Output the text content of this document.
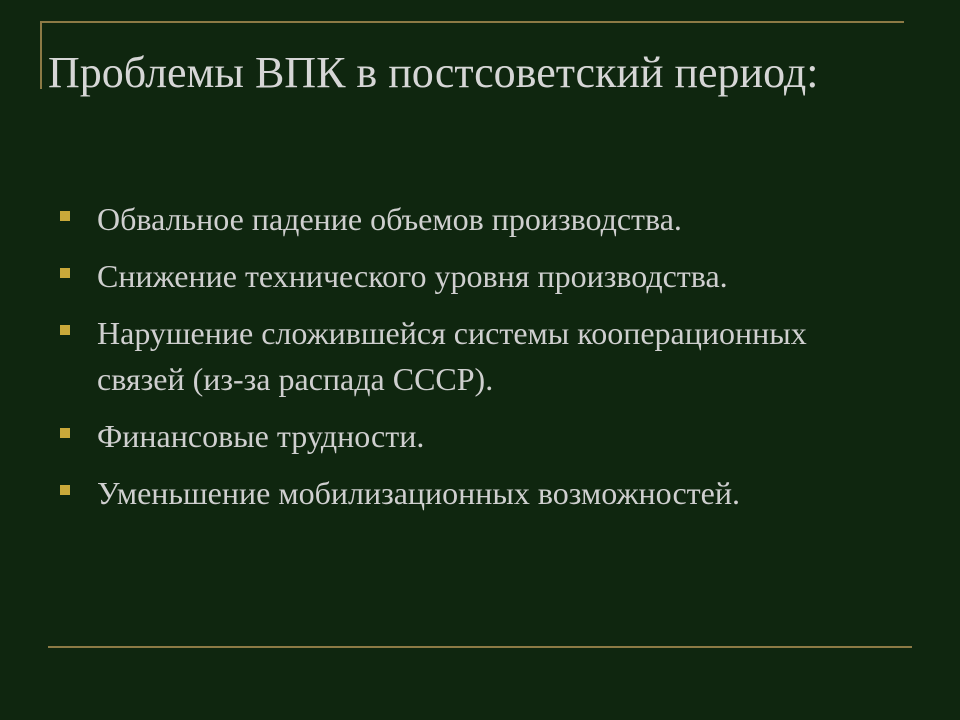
Проблемы ВПК в постсоветский период:
Обвальное падение объемов производства.
Снижение технического уровня производства.
Нарушение сложившейся системы кооперационных связей (из-за распада СССР).
Финансовые трудности.
Уменьшение мобилизационных возможностей.
